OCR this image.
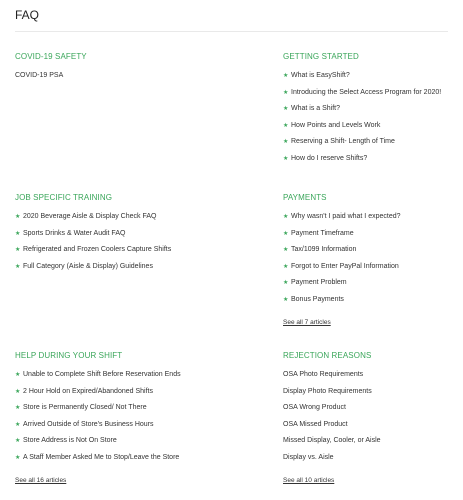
FAQ
COVID-19 SAFETY
COVID-19 PSA
GETTING STARTED
★ What is EasyShift?
★ Introducing the Select Access Program for 2020!
★ What is a Shift?
★ How Points and Levels Work
★ Reserving a Shift- Length of Time
★ How do I reserve Shifts?
JOB SPECIFIC TRAINING
★ 2020 Beverage Aisle & Display Check FAQ
★ Sports Drinks & Water Audit FAQ
★ Refrigerated and Frozen Coolers Capture Shifts
★ Full Category (Aisle & Display) Guidelines
PAYMENTS
★ Why wasn't I paid what I expected?
★ Payment Timeframe
★ Tax/1099 Information
★ Forgot to Enter PayPal Information
★ Payment Problem
★ Bonus Payments
See all 7 articles
HELP DURING YOUR SHIFT
★ Unable to Complete Shift Before Reservation Ends
★ 2 Hour Hold on Expired/Abandoned Shifts
★ Store is Permanently Closed/ Not There
★ Arrived Outside of Store's Business Hours
★ Store Address is Not On Store
★ A Staff Member Asked Me to Stop/Leave the Store
See all 16 articles
REJECTION REASONS
OSA Photo Requirements
Display Photo Requirements
OSA Wrong Product
OSA Missed Product
Missed Display, Cooler, or Aisle
Display vs. Aisle
See all 10 articles
